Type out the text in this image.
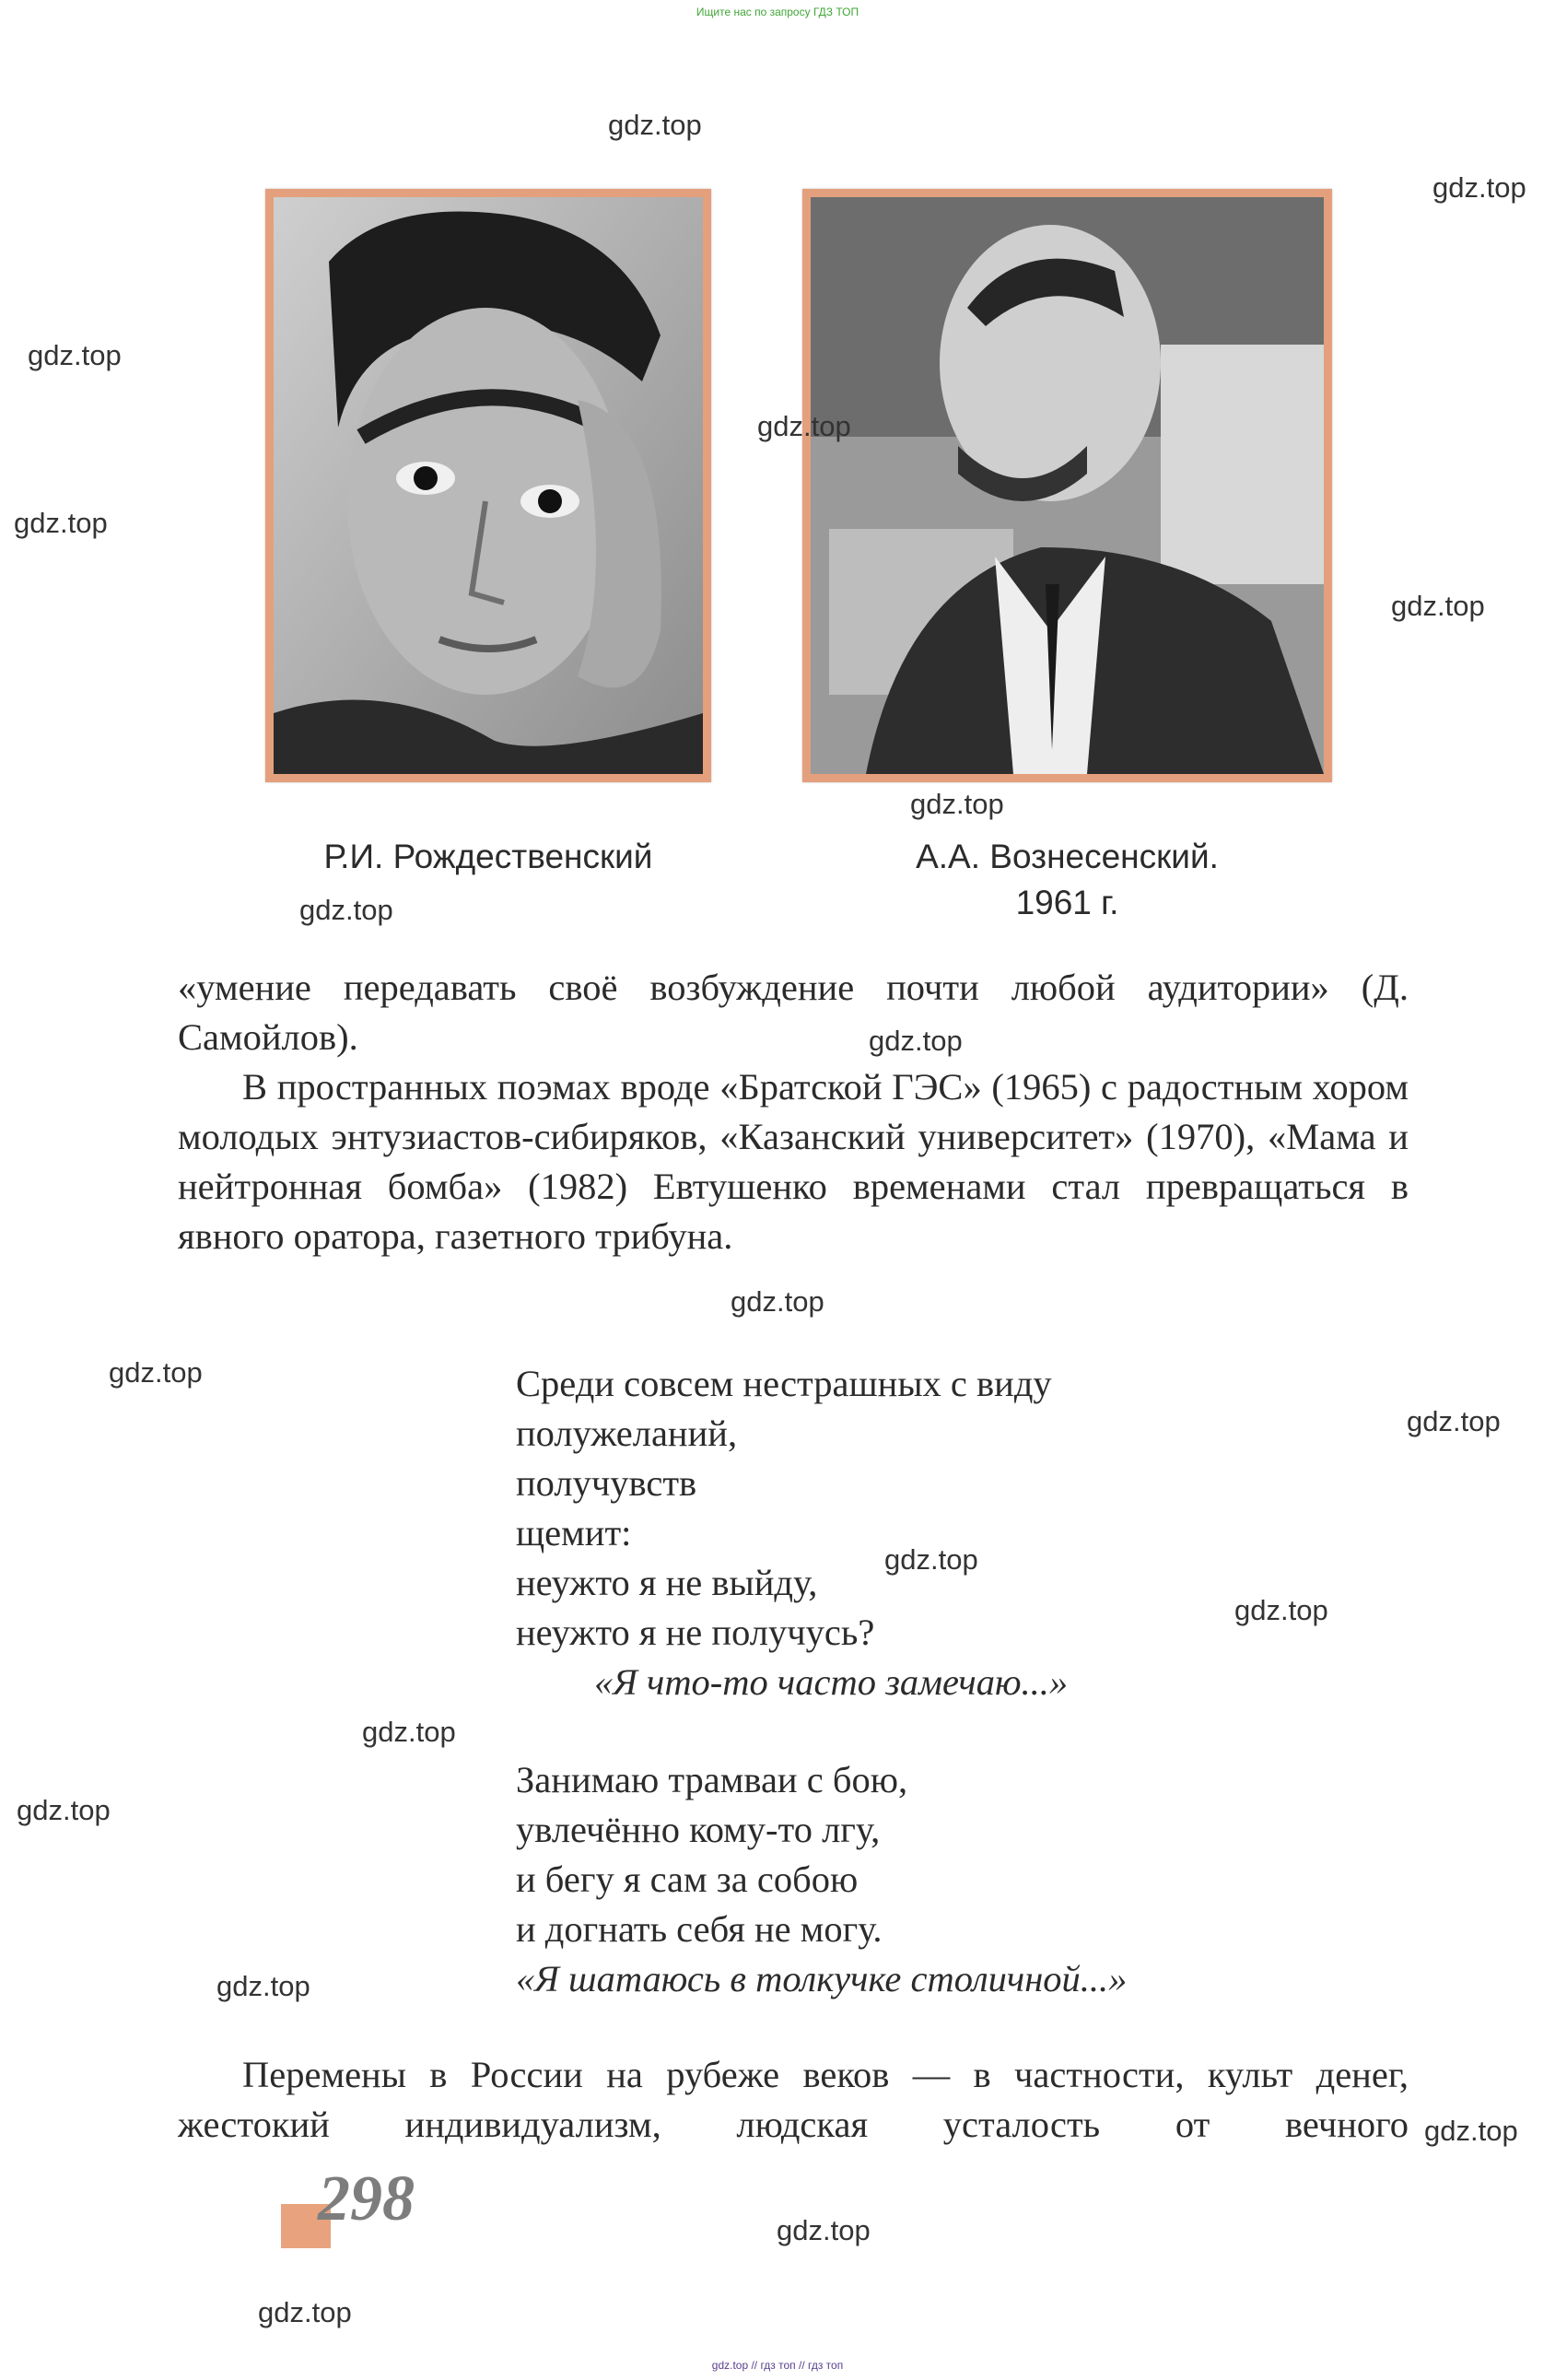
Ищите нас по запросу ГДЗ ТОП
Р.И. Рождественский	А.А. Вознесенский.
1961 г.

«умение передавать своё возбуждение почти любой аудитории» (Д. Самойлов).

В пространных поэмах вроде «Братской ГЭС» (1965) с радостным хором молодых энтузиастов-сибиряков, «Казанский университет» (1970), «Мама и нейтронная бомба» (1982) Евтушенко временами стал превращаться в явного оратора, газетного трибуна.

Среди совсем нестрашных с виду
полужеланий,
получувств
щемит:
неужто я не выйду,
неужто я не получусь?
«Я что-то часто замечаю...»
Занимаю трамваи с бою,
увлечённо кому-то лгу,
и бегу я сам за собою
и догнать себя не могу.
«Я шатаюсь в толкучке столичной...»

Перемены в России на рубеже веков — в частности, культ денег, жестокий индивидуализм, людская усталость от вечного

298
gdz.top
gdz.top
gdz.top
gdz.top
gdz.top
gdz.top
gdz.top
gdz.top
gdz.top
gdz.top
gdz.top
gdz.top
gdz.top
gdz.top
gdz.top
gdz.top
gdz.top
gdz.top
gdz.top
gdz.top
gdz.top // гдз топ // гдз топ
